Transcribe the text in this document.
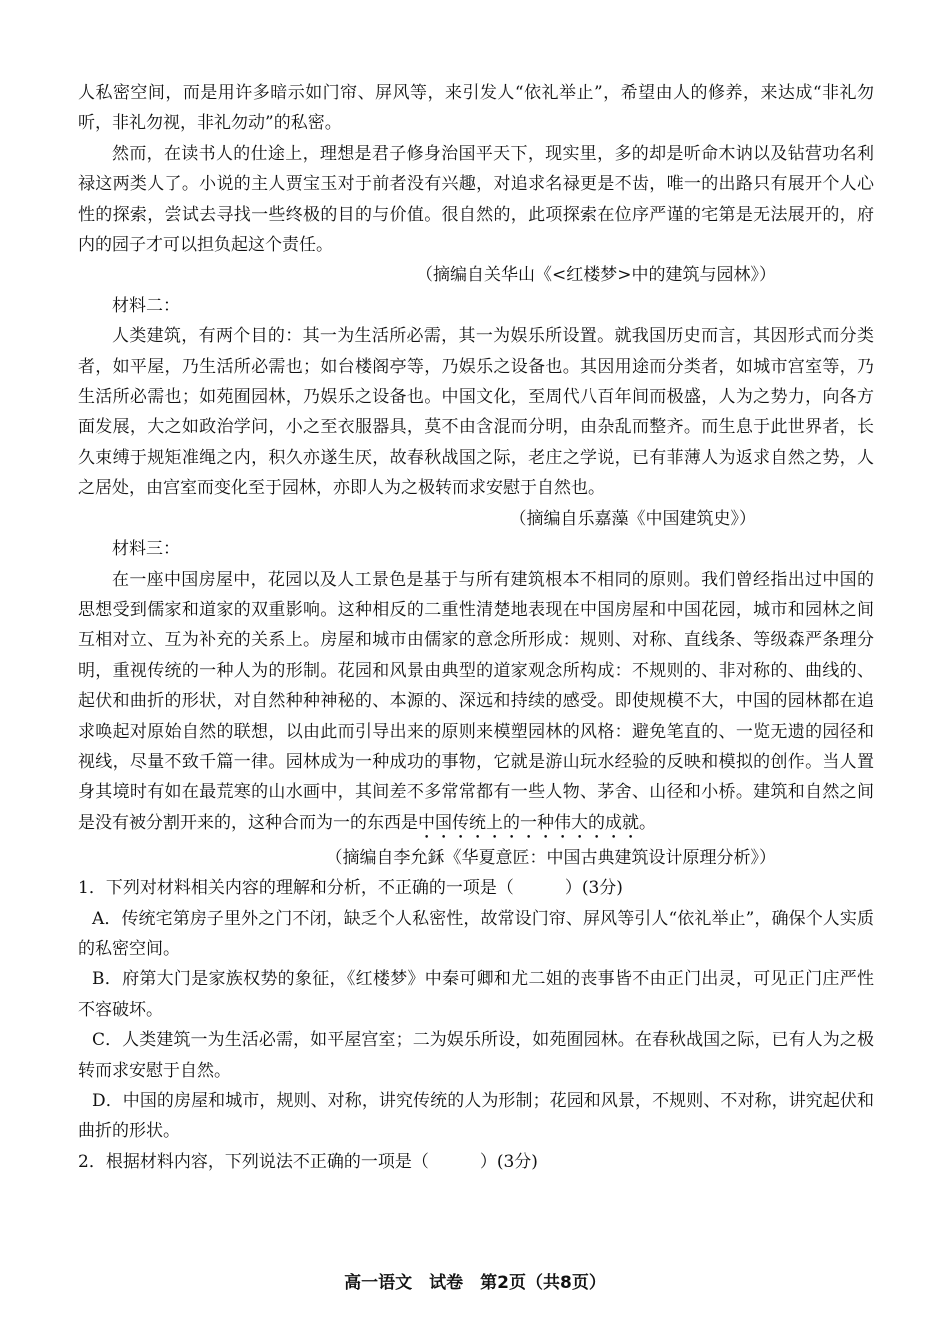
人私密空间，而是用许多暗示如门帘、屏风等，来引发人“依礼举止”，希望由人的修养，来达成“非礼勿听，非礼勿视，非礼勿动”的私密。

然而，在读书人的仕途上，理想是君子修身治国平天下，现实里，多的却是听命木讷以及钻营功名利禄这两类人了。小说的主人贾宝玉对于前者没有兴趣，对追求名禄更是不齿，唯一的出路只有展开个人心性的探索，尝试去寻找一些终极的目的与价值。很自然的，此项探索在位序严谨的宅第是无法展开的，府内的园子才可以担负起这个责任。

（摘编自关华山《<红楼梦>中的建筑与园林》）

材料二：

人类建筑，有两个目的：其一为生活所必需，其一为娱乐所设置。就我国历史而言，其因形式而分类者，如平屋，乃生活所必需也；如台楼阁亭等，乃娱乐之设备也。其因用途而分类者，如城市宫室等，乃生活所必需也；如苑囿园林，乃娱乐之设备也。中国文化，至周代八百年间而极盛，人为之势力，向各方面发展，大之如政治学问，小之至衣服器具，莫不由含混而分明，由杂乱而整齐。而生息于此世界者，长久束缚于规矩准绳之内，积久亦遂生厌，故春秋战国之际，老庄之学说，已有菲薄人为返求自然之势，人之居处，由宫室而变化至于园林，亦即人为之极转而求安慰于自然也。

（摘编自乐嘉藻《中国建筑史》）

材料三：

在一座中国房屋中，花园以及人工景色是基于与所有建筑根本不相同的原则。我们曾经指出过中国的思想受到儒家和道家的双重影响。这种相反的二重性清楚地表现在中国房屋和中国花园，城市和园林之间互相对立、互为补充的关系上。房屋和城市由儒家的意念所形成：规则、对称、直线条、等级森严条理分明，重视传统的一种人为的形制。花园和风景由典型的道家观念所构成：不规则的、非对称的、曲线的、起伏和曲折的形状，对自然种种神秘的、本源的、深远和持续的感受。即使规模不大，中国的园林都在追求唤起对原始自然的联想，以由此而引导出来的原则来模塑园林的风格：避免笔直的、一览无遗的园径和视线，尽量不致千篇一律。园林成为一种成功的事物，它就是游山玩水经验的反映和模拟的创作。当人置身其境时有如在最荒寒的山水画中，其间差不多常常都有一些人物、茅舍、山径和小桥。建筑和自然之间是没有被分割开来的，这种合而为一的东西是中国传统上的一种伟大的成就。

（摘编自李允鉌《华夏意匠：中国古典建筑设计原理分析》）

1．下列对材料相关内容的理解和分析，不正确的一项是（　　　）(3分)

A．传统宅第房子里外之门不闭，缺乏个人私密性，故常设门帘、屏风等引人“依礼举止”，确保个人实质的私密空间。

B．府第大门是家族权势的象征，《红楼梦》中秦可卿和尤二姐的丧事皆不由正门出灵，可见正门庄严性不容破坏。

C．人类建筑一为生活必需，如平屋宫室；二为娱乐所设，如苑囿园林。在春秋战国之际，已有人为之极转而求安慰于自然。

D．中国的房屋和城市，规则、对称，讲究传统的人为形制；花园和风景，不规则、不对称，讲究起伏和曲折的形状。

2．根据材料内容，下列说法不正确的一项是（　　　）(3分)

高一语文　试卷　第2页（共8页）
